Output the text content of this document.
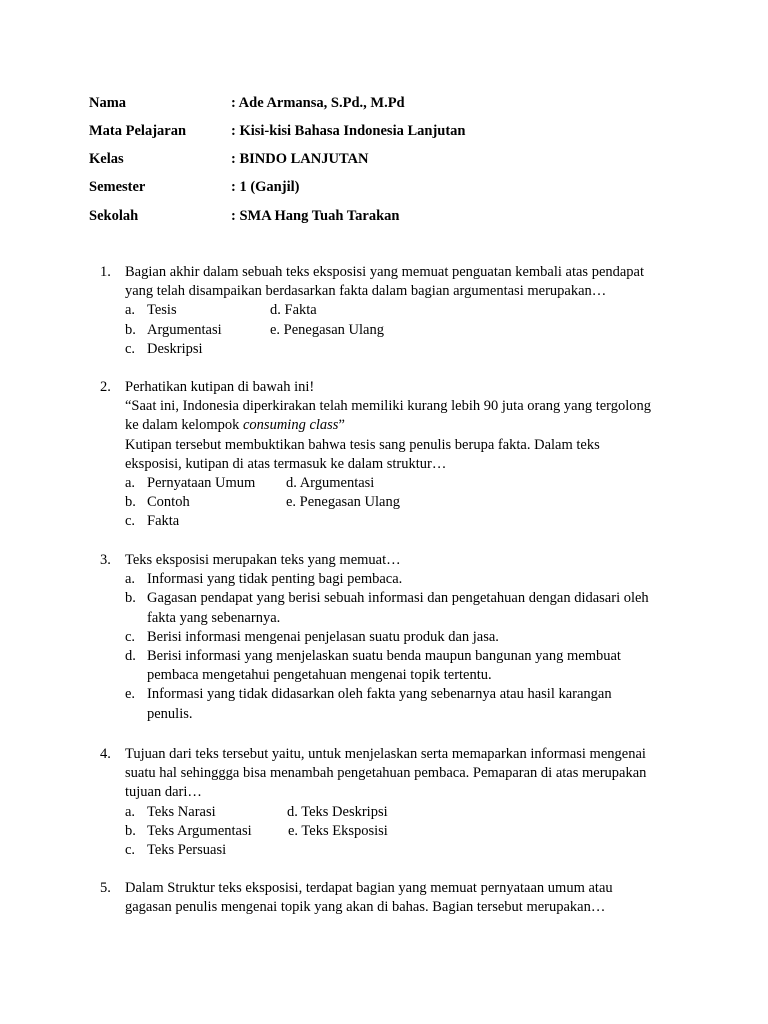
Nama	: Ade Armansa, S.Pd., M.Pd
Mata Pelajaran	: Kisi-kisi Bahasa Indonesia Lanjutan
Kelas	: BINDO LANJUTAN
Semester	: 1 (Ganjil)
Sekolah	: SMA Hang Tuah Tarakan
1. Bagian akhir dalam sebuah teks eksposisi yang memuat penguatan kembali atas pendapat
yang telah disampaikan berdasarkan fakta dalam bagian argumentasi merupakan…
a. Tesis	d. Fakta
b. Argumentasi	e. Penegasan Ulang
c. Deskripsi
2. Perhatikan kutipan di bawah ini!
“Saat ini, Indonesia diperkirakan telah memiliki kurang lebih 90 juta orang yang tergolong
ke dalam kelompok consuming class”
Kutipan tersebut membuktikan bahwa tesis sang penulis berupa fakta. Dalam teks
eksposisi, kutipan di atas termasuk ke dalam struktur…
a. Pernyataan Umum d. Argumentasi
b. Contoh	e. Penegasan Ulang
c. Fakta
3. Teks eksposisi merupakan teks yang memuat…
a. Informasi yang tidak penting bagi pembaca.
b. Gagasan pendapat yang berisi sebuah informasi dan pengetahuan dengan didasari oleh
fakta yang sebenarnya.
c. Berisi informasi mengenai penjelasan suatu produk dan jasa.
d. Berisi informasi yang menjelaskan suatu benda maupun bangunan yang membuat
pembaca mengetahui pengetahuan mengenai topik tertentu.
e. Informasi yang tidak didasarkan oleh fakta yang sebenarnya atau hasil karangan
penulis.
4. Tujuan dari teks tersebut yaitu, untuk menjelaskan serta memaparkan informasi mengenai
suatu hal sehinggga bisa menambah pengetahuan pembaca. Pemaparan di atas merupakan
tujuan dari…
a. Teks Narasi	d. Teks Deskripsi
b. Teks Argumentasi	e. Teks Eksposisi
c. Teks Persuasi
5. Dalam Struktur teks eksposisi, terdapat bagian yang memuat pernyataan umum atau
gagasan penulis mengenai topik yang akan di bahas. Bagian tersebut merupakan…
